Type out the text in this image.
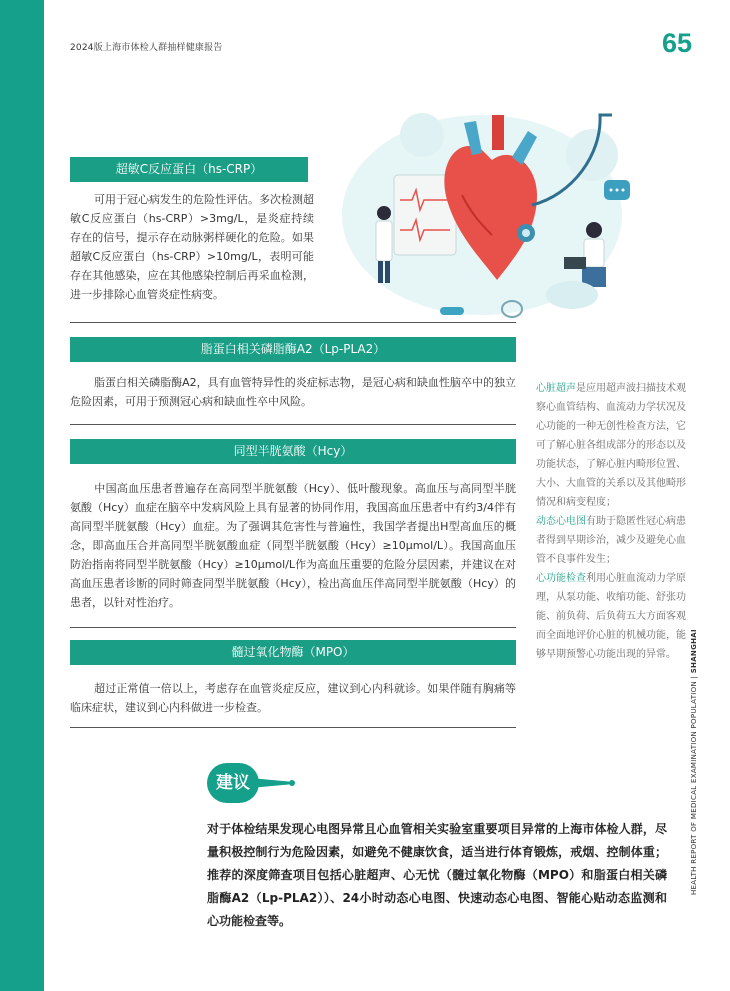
2024版上海市体检人群抽样健康报告	65
超敏C反应蛋白（hs-CRP）
可用于冠心病发生的危险性评估。多次检测超敏C反应蛋白（hs-CRP）>3mg/L，是炎症持续存在的信号，提示存在动脉粥样硬化的危险。如果超敏C反应蛋白（hs-CRP）>10mg/L，表明可能存在其他感染，应在其他感染控制后再采血检测，进一步排除心血管炎症性病变。
脂蛋白相关磷脂酶A2（Lp-PLA2）
脂蛋白相关磷脂酶A2，具有血管特异性的炎症标志物，是冠心病和缺血性脑卒中的独立危险因素，可用于预测冠心病和缺血性卒中风险。
同型半胱氨酸（Hcy）
中国高血压患者普遍存在高同型半胱氨酸（Hcy）、低叶酸现象。高血压与高同型半胱氨酸（Hcy）血症在脑卒中发病风险上具有显著的协同作用，我国高血压患者中有约3/4伴有高同型半胱氨酸（Hcy）血症。为了强调其危害性与普遍性，我国学者提出H型高血压的概念，即高血压合并高同型半胱氨酸血症（同型半胱氨酸（Hcy）≥10μmol/L）。我国高血压防治指南将同型半胱氨酸（Hcy）≥10μmol/L作为高血压重要的危险分层因素，并建议在对高血压患者诊断的同时筛查同型半胱氨酸（Hcy），检出高血压伴高同型半胱氨酸（Hcy）的患者，以针对性治疗。
髓过氧化物酶（MPO）
超过正常值一倍以上，考虑存在血管炎症反应，建议到心内科就诊。如果伴随有胸痛等临床症状，建议到心内科做进一步检查。
心脏超声是应用超声波扫描技术观察心血管结构、血流动力学状况及心功能的一种无创性检查方法，它可了解心脏各组成部分的形态以及功能状态，了解心脏内畸形位置、大小、大血管的关系以及其他畸形情况和病变程度；
动态心电图有助于隐匿性冠心病患者得到早期诊治，减少及避免心血管不良事件发生；
心功能检查利用心脏血流动力学原理，从泵功能、收缩功能、舒张功能、前负荷、后负荷五大方面客观而全面地评价心脏的机械功能，能够早期预警心功能出现的异常。
HEALTH REPORT OF MEDICAL EXAMINATION POPULATION | SHANGHAI
建议
对于体检结果发现心电图异常且心血管相关实验室重要项目异常的上海市体检人群，尽量积极控制行为危险因素，如避免不健康饮食，适当进行体育锻炼，戒烟、控制体重；推荐的深度筛查项目包括心脏超声、心无忧（髓过氧化物酶（MPO）和脂蛋白相关磷脂酶A2（Lp-PLA2））、24小时动态心电图、快速动态心电图、智能心贴动态监测和心功能检查等。
